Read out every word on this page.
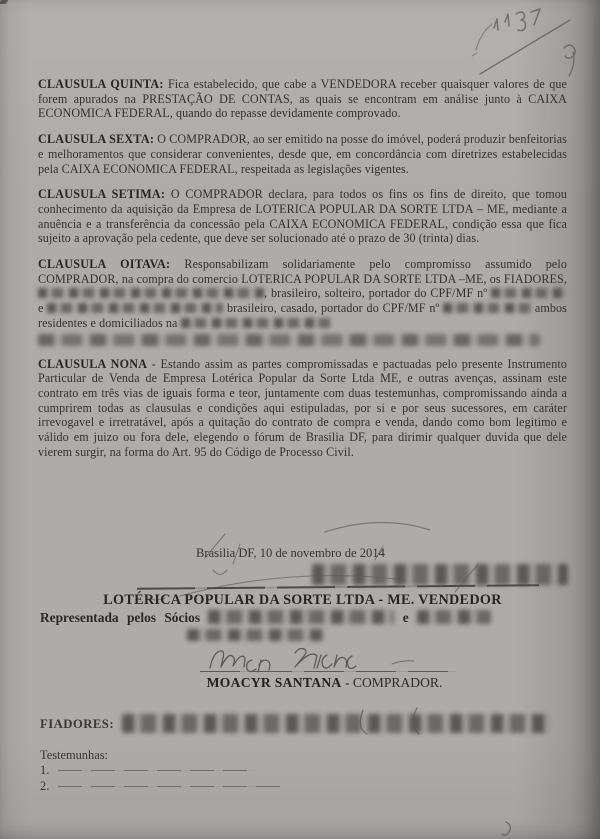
CLAUSULA QUINTA: Fica estabelecido, que cabe a VENDEDORA receber quaisquer valores de que forem apurados na PRESTAÇÃO DE CONTAS, as quais se encontram em análise junto à CAIXA ECONOMICA FEDERAL, quando do repasse devidamente comprovado.

CLAUSULA SEXTA: O COMPRADOR, ao ser emitido na posse do imóvel, poderá produzir benfeitorias e melhoramentos que considerar convenientes, desde que, em concordância com diretrizes estabelecidas pela CAIXA ECONOMICA FEDERAL, respeitada as legislações vigentes.

CLAUSULA SETIMA: O COMPRADOR declara, para todos os fins os fins de direito, que tomou conhecimento da aquisição da Empresa de LOTERICA POPULAR DA SORTE LTDA – ME, mediante a anuência e a transferência da concessão pela CAIXA ECONOMICA FEDERAL, condição essa que fica sujeito a aprovação pela cedente, que deve ser solucionado até o prazo de 30 (trinta) dias.

CLAUSULA OITAVA: Responsabilizam solidariamente pelo compromisso assumido pelo COMPRADOR, na compra do comercio LOTERICA POPULAR DA SORTE LTDA –ME, os FIADORES, , brasileiro, solteiro, portador do CPF/MF nº  e	brasileiro, casado, portador do CPF/MF nº	ambos residentes e domiciliados na

CLAUSULA NONA - Estando assim as partes compromissadas e pactuadas pelo presente Instrumento Particular de Venda de Empresa Lotérica Popular da Sorte Ltda ME, e outras avenças, assinam este contrato em três vias de iguais forma e teor, juntamente com duas testemunhas, compromissando ainda a cumprirem todas as clausulas e condições aqui estipuladas, por si e por seus sucessores, em caráter irrevogavel e irretratável, após a quitação do contrato de compra e venda, dando como bom legitimo e válido em juizo ou fora dele, elegendo o fórum de Brasilia DF, para dirimir qualquer duvida que dele vierem surgir, na forma do Art. 95 do Código de Processo Civil.

Brasilia DF, 10 de novembro de 2014
LOTÉRICA POPULAR DA SORTE LTDA - ME. VENDEDOR
Representada pelos Sócios	e
MOACYR SANTANA - COMPRADOR.
FIADORES:
Testemunhas:
1.
2.
